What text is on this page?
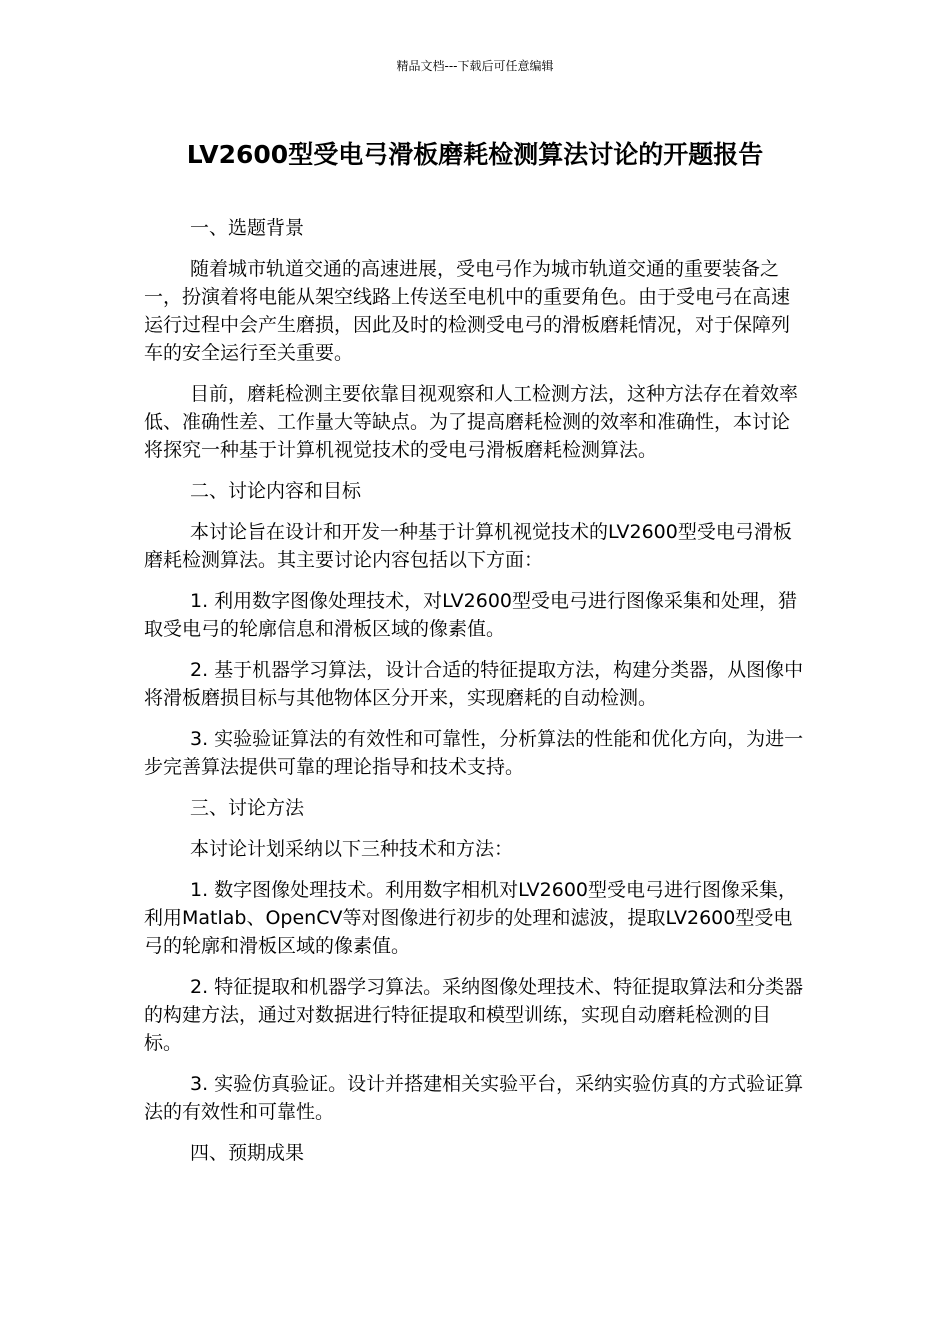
精品文档---下载后可任意编辑
LV2600型受电弓滑板磨耗检测算法讨论的开题报告

一、选题背景

随着城市轨道交通的高速进展，受电弓作为城市轨道交通的重要装备之一，扮演着将电能从架空线路上传送至电机中的重要角色。由于受电弓在高速运行过程中会产生磨损，因此及时的检测受电弓的滑板磨耗情况，对于保障列车的安全运行至关重要。

目前，磨耗检测主要依靠目视观察和人工检测方法，这种方法存在着效率低、准确性差、工作量大等缺点。为了提高磨耗检测的效率和准确性，本讨论将探究一种基于计算机视觉技术的受电弓滑板磨耗检测算法。

二、讨论内容和目标

本讨论旨在设计和开发一种基于计算机视觉技术的LV2600型受电弓滑板磨耗检测算法。其主要讨论内容包括以下方面：

1. 利用数字图像处理技术，对LV2600型受电弓进行图像采集和处理，猎取受电弓的轮廓信息和滑板区域的像素值。

2. 基于机器学习算法，设计合适的特征提取方法，构建分类器，从图像中将滑板磨损目标与其他物体区分开来，实现磨耗的自动检测。

3. 实验验证算法的有效性和可靠性，分析算法的性能和优化方向，为进一步完善算法提供可靠的理论指导和技术支持。

三、讨论方法

本讨论计划采纳以下三种技术和方法：

1. 数字图像处理技术。利用数字相机对LV2600型受电弓进行图像采集，利用Matlab、OpenCV等对图像进行初步的处理和滤波，提取LV2600型受电弓的轮廓和滑板区域的像素值。

2. 特征提取和机器学习算法。采纳图像处理技术、特征提取算法和分类器的构建方法，通过对数据进行特征提取和模型训练，实现自动磨耗检测的目标。

3. 实验仿真验证。设计并搭建相关实验平台，采纳实验仿真的方式验证算法的有效性和可靠性。

四、预期成果
